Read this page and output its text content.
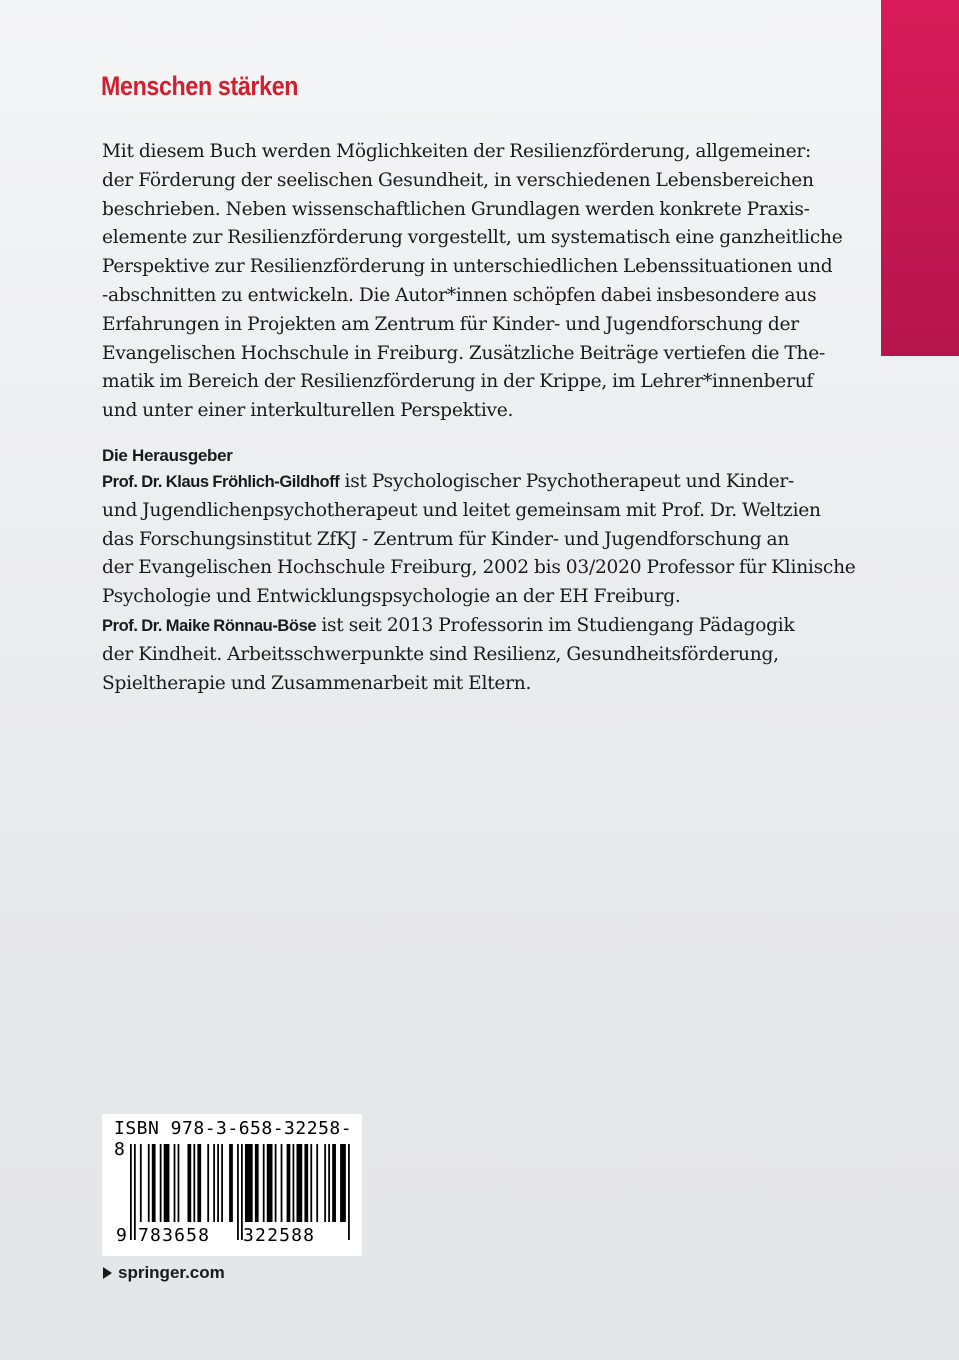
Menschen stärken

Mit diesem Buch werden Möglichkeiten der Resilienzförderung, allgemeiner:
der Förderung der seelischen Gesundheit, in verschiedenen Lebensbereichen
beschrieben. Neben wissenschaftlichen Grundlagen werden konkrete Praxis-
elemente zur Resilienzförderung vorgestellt, um systematisch eine ganzheitliche
Perspektive zur Resilienzförderung in unterschiedlichen Lebenssituationen und
-abschnitten zu entwickeln. Die Autor*innen schöpfen dabei insbesondere aus
Erfahrungen in Projekten am Zentrum für Kinder- und Jugendforschung der
Evangelischen Hochschule in Freiburg. Zusätzliche Beiträge vertiefen die The-
matik im Bereich der Resilienzförderung in der Krippe, im Lehrer*innenberuf
und unter einer interkulturellen Perspektive.

Die Herausgeber

Prof. Dr. Klaus Fröhlich-Gildhoff ist Psychologischer Psychotherapeut und Kinder-
und Jugendlichenpsychotherapeut und leitet gemeinsam mit Prof. Dr. Weltzien
das Forschungsinstitut ZfKJ - Zentrum für Kinder- und Jugendforschung an
der Evangelischen Hochschule Freiburg, 2002 bis 03/2020 Professor für Klinische
Psychologie und Entwicklungspsychologie an der EH Freiburg.

Prof. Dr. Maike Rönnau-Böse ist seit 2013 Professorin im Studiengang Pädagogik
der Kindheit. Arbeitsschwerpunkte sind Resilienz, Gesundheitsförderung,
Spieltherapie und Zusammenarbeit mit Eltern.

ISBN 978-3-658-32258-8
9 783658 322588
springer.com
